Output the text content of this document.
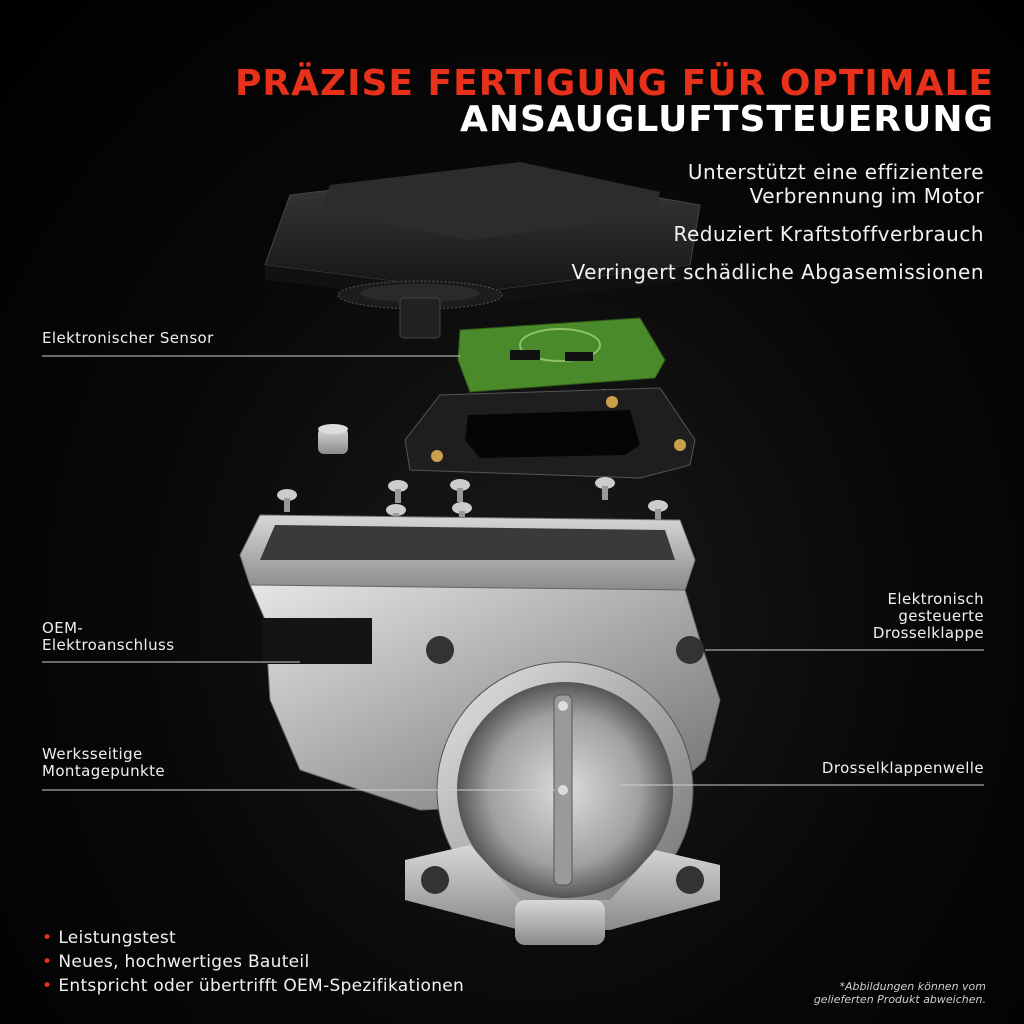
PRÄZISE FERTIGUNG FÜR OPTIMALE
ANSAUGLUFTSTEUERUNG
Unterstützt eine effizientere
Verbrennung im Motor
Reduziert Kraftstoffverbrauch
Verringert schädliche Abgasemissionen
Elektronischer Sensor
OEM-
Elektroanschluss
Werksseitige
Montagepunkte
Elektronisch
gesteuerte
Drosselklappe
Drosselklappenwelle
• Leistungstest
• Neues, hochwertiges Bauteil
• Entspricht oder übertrifft OEM-Spezifikationen	*Abbildungen können vom
gelieferten Produkt abweichen.
